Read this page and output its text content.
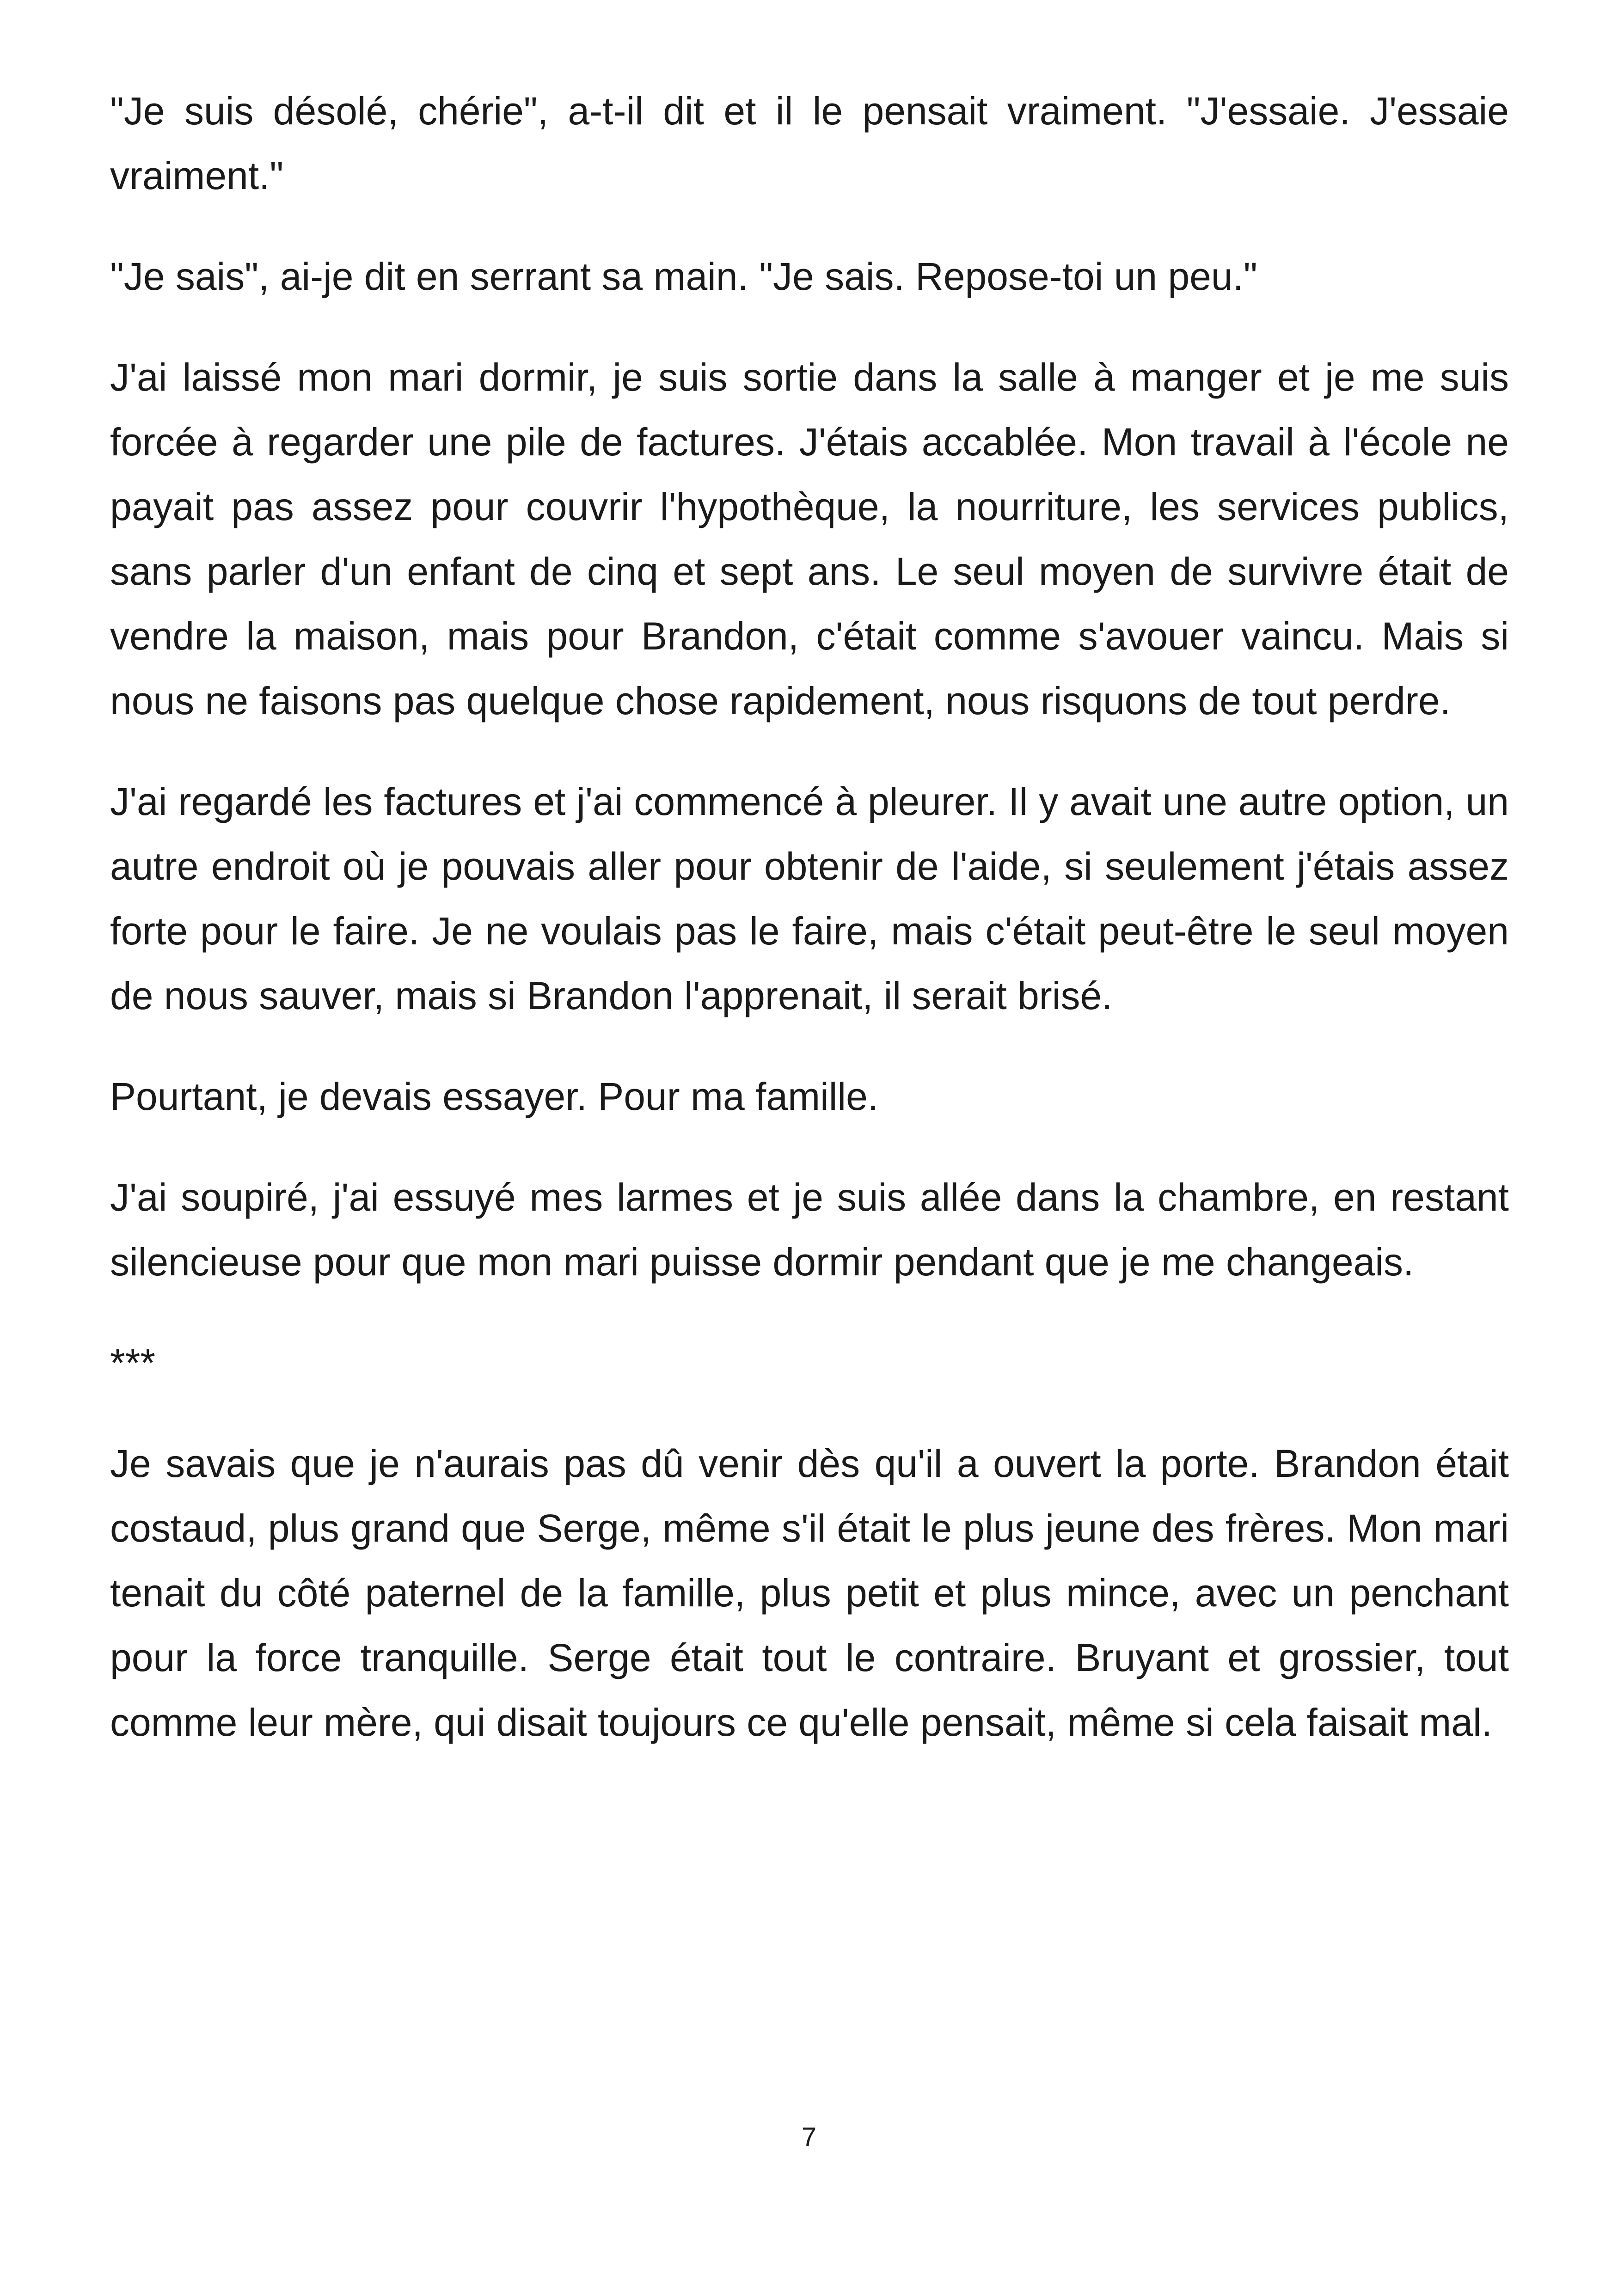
"Je suis désolé, chérie", a-t-il dit et il le pensait vraiment. "J'essaie. J'essaie vraiment."

"Je sais", ai-je dit en serrant sa main. "Je sais. Repose-toi un peu."

J'ai laissé mon mari dormir, je suis sortie dans la salle à manger et je me suis forcée à regarder une pile de factures. J'étais accablée. Mon travail à l'école ne payait pas assez pour couvrir l'hypothèque, la nourriture, les services publics, sans parler d'un enfant de cinq et sept ans. Le seul moyen de survivre était de vendre la maison, mais pour Brandon, c'était comme s'avouer vaincu. Mais si nous ne faisons pas quelque chose rapidement, nous risquons de tout perdre.

J'ai regardé les factures et j'ai commencé à pleurer. Il y avait une autre option, un autre endroit où je pouvais aller pour obtenir de l'aide, si seulement j'étais assez forte pour le faire. Je ne voulais pas le faire, mais c'était peut-être le seul moyen de nous sauver, mais si Brandon l'apprenait, il serait brisé.

Pourtant, je devais essayer. Pour ma famille.

J'ai soupiré, j'ai essuyé mes larmes et je suis allée dans la chambre, en restant silencieuse pour que mon mari puisse dormir pendant que je me changeais.

***

Je savais que je n'aurais pas dû venir dès qu'il a ouvert la porte. Brandon était costaud, plus grand que Serge, même s'il était le plus jeune des frères. Mon mari tenait du côté paternel de la famille, plus petit et plus mince, avec un penchant pour la force tranquille. Serge était tout le contraire. Bruyant et grossier, tout comme leur mère, qui disait toujours ce qu'elle pensait, même si cela faisait mal.

7
